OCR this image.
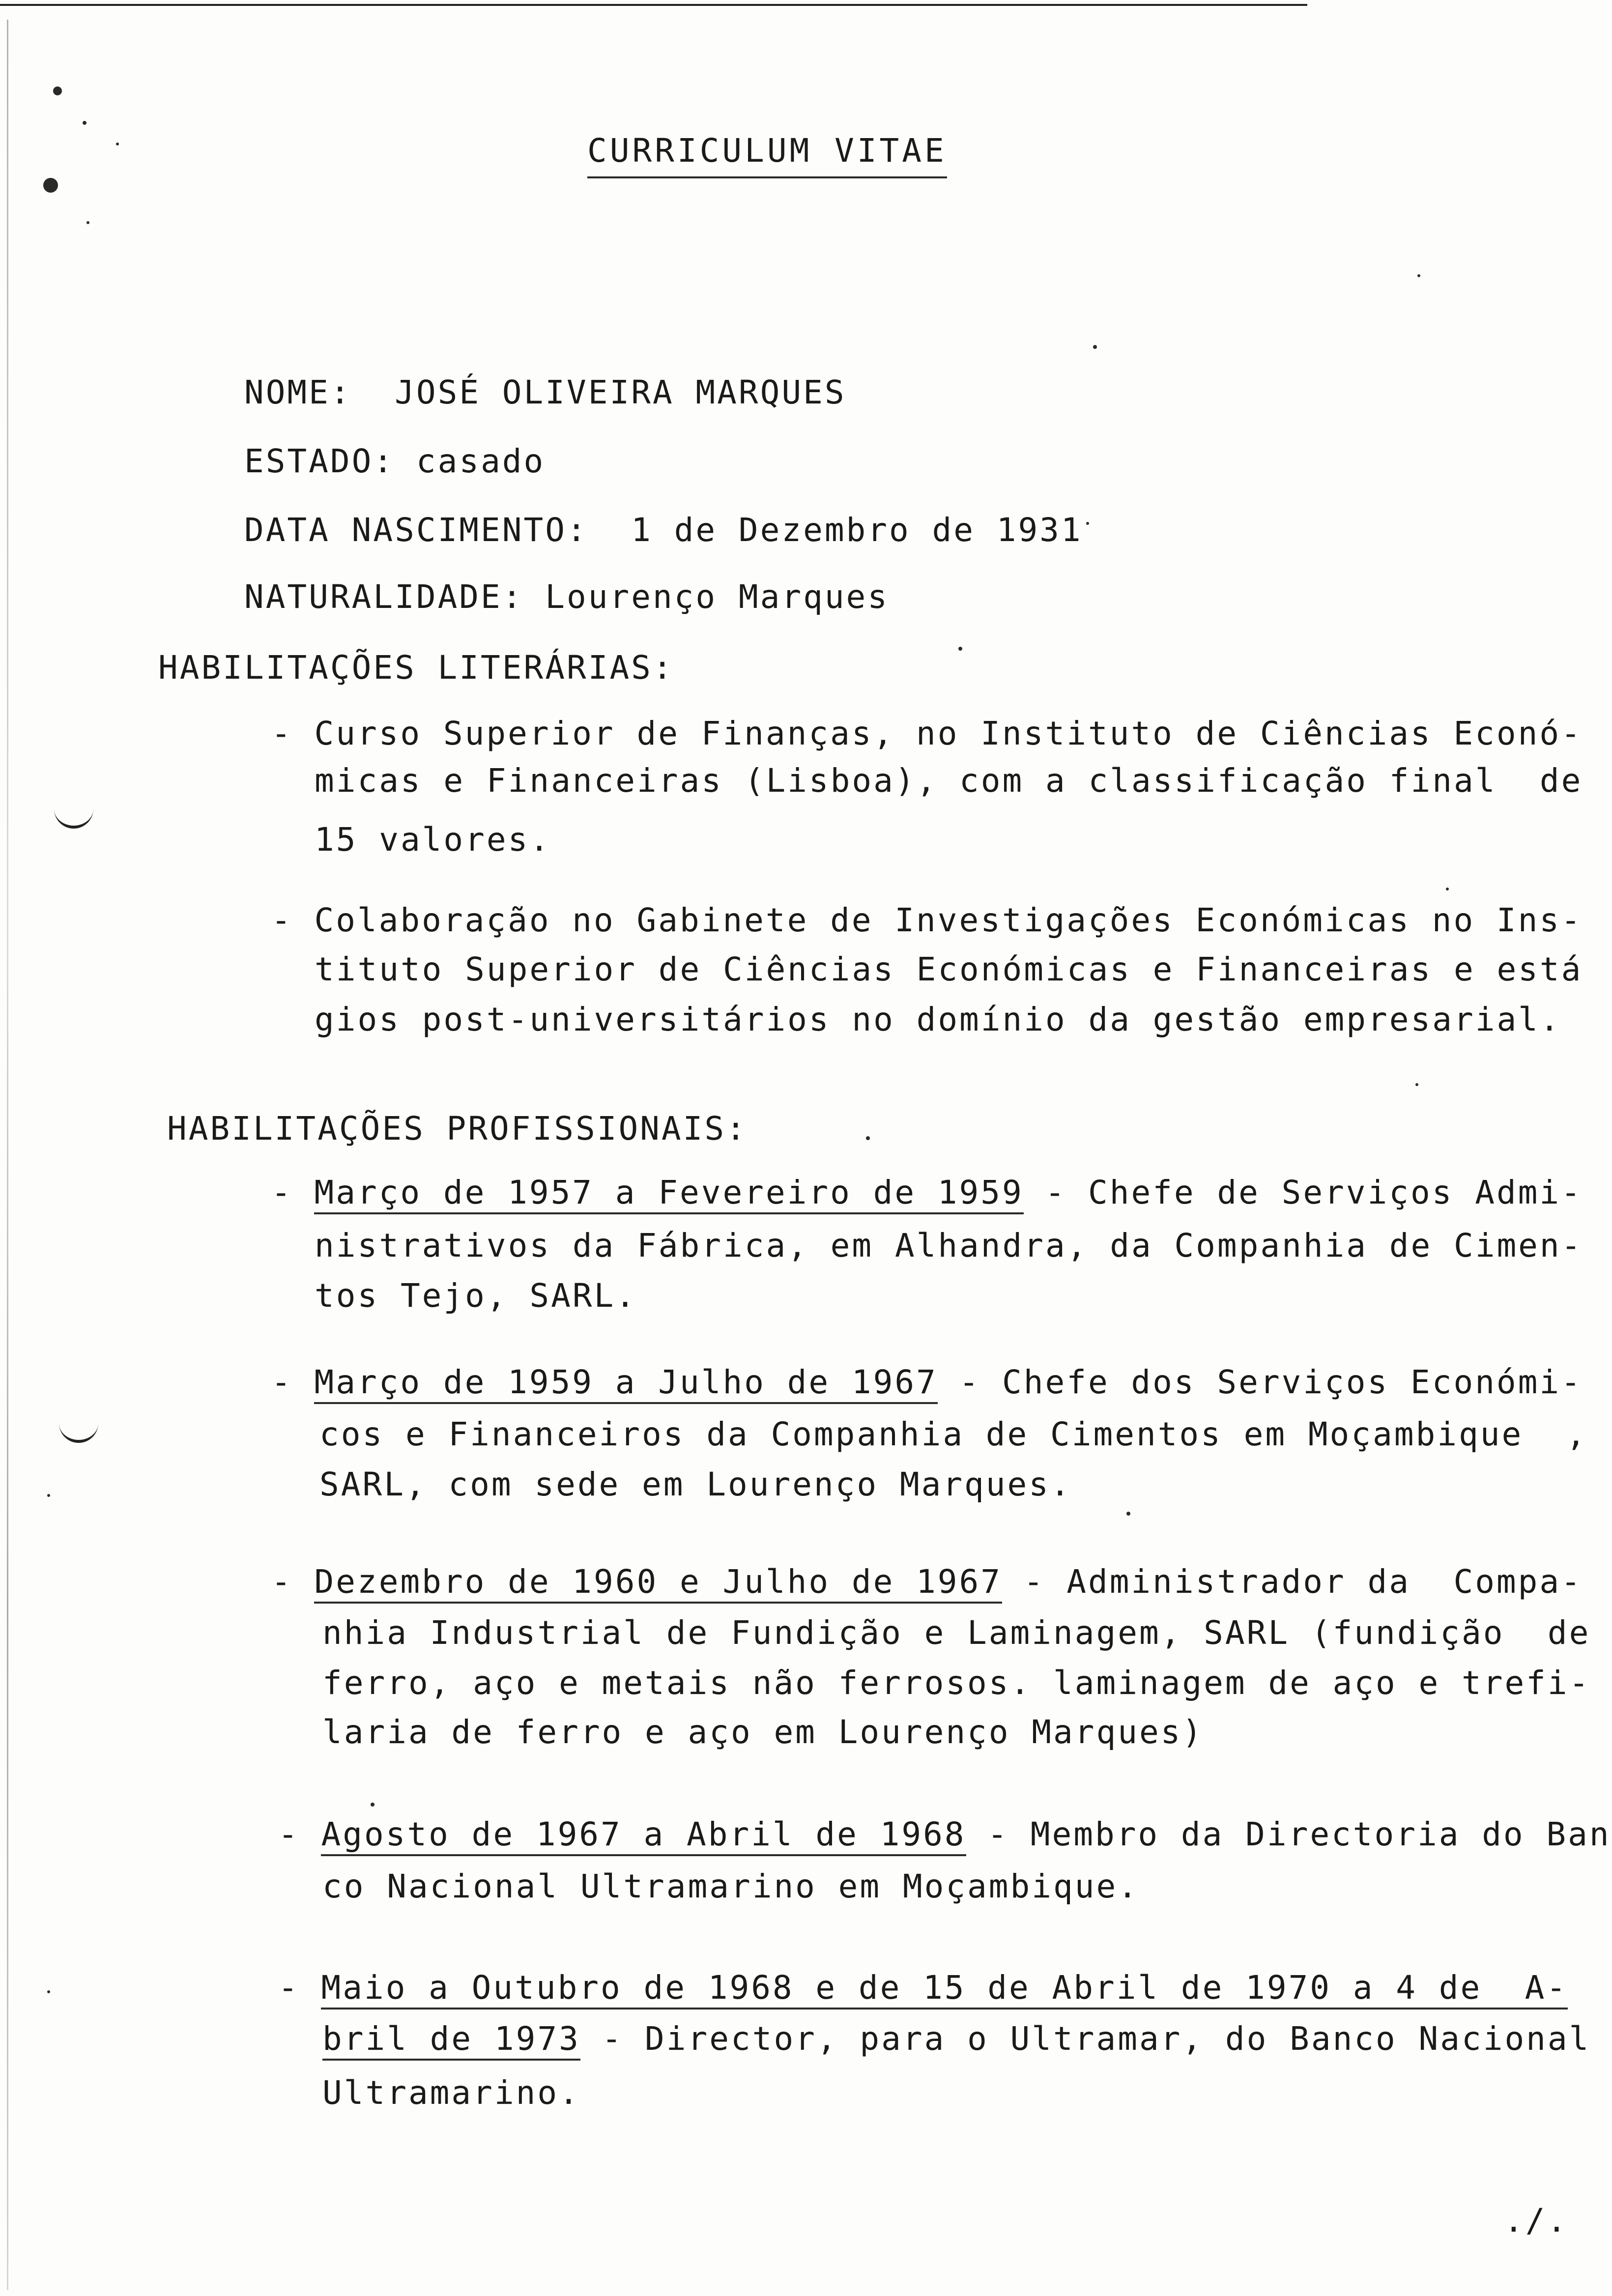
CURRICULUM VITAE

NOME: JOSÉ OLIVEIRA MARQUES

ESTADO: casado

DATA NASCIMENTO: 1 de Dezembro de 1931

NATURALIDADE: Lourenço Marques

HABILITAÇÕES LITERÁRIAS:
- Curso Superior de Finanças, no Instituto de Ciências Econó-
micas e Financeiras (Lisboa), com a classificação final  de
15 valores.
- Colaboração no Gabinete de Investigações Económicas no Ins-
tituto Superior de Ciências Económicas e Financeiras e está
gios post-universitários no domínio da gestão empresarial.
HABILITAÇÕES PROFISSIONAIS:
- Março de 1957 a Fevereiro de 1959 - Chefe de Serviços Admi-
nistrativos da Fábrica, em Alhandra, da Companhia de Cimen-
tos Tejo, SARL.
- Março de 1959 a Julho de 1967 - Chefe dos Serviços Económi-
cos e Financeiros da Companhia de Cimentos em Moçambique  ,
SARL, com sede em Lourenço Marques.
- Dezembro de 1960 e Julho de 1967 - Administrador da  Compa-
nhia Industrial de Fundição e Laminagem, SARL (fundição  de
ferro, aço e metais não ferrosos. laminagem de aço e trefi-
laria de ferro e aço em Lourenço Marques)
- Agosto de 1967 a Abril de 1968 - Membro da Directoria do Ban
co Nacional Ultramarino em Moçambique.
- Maio a Outubro de 1968 e de 15 de Abril de 1970 a 4 de  A-
bril de 1973 - Director, para o Ultramar, do Banco Nacional
Ultramarino.
./.
